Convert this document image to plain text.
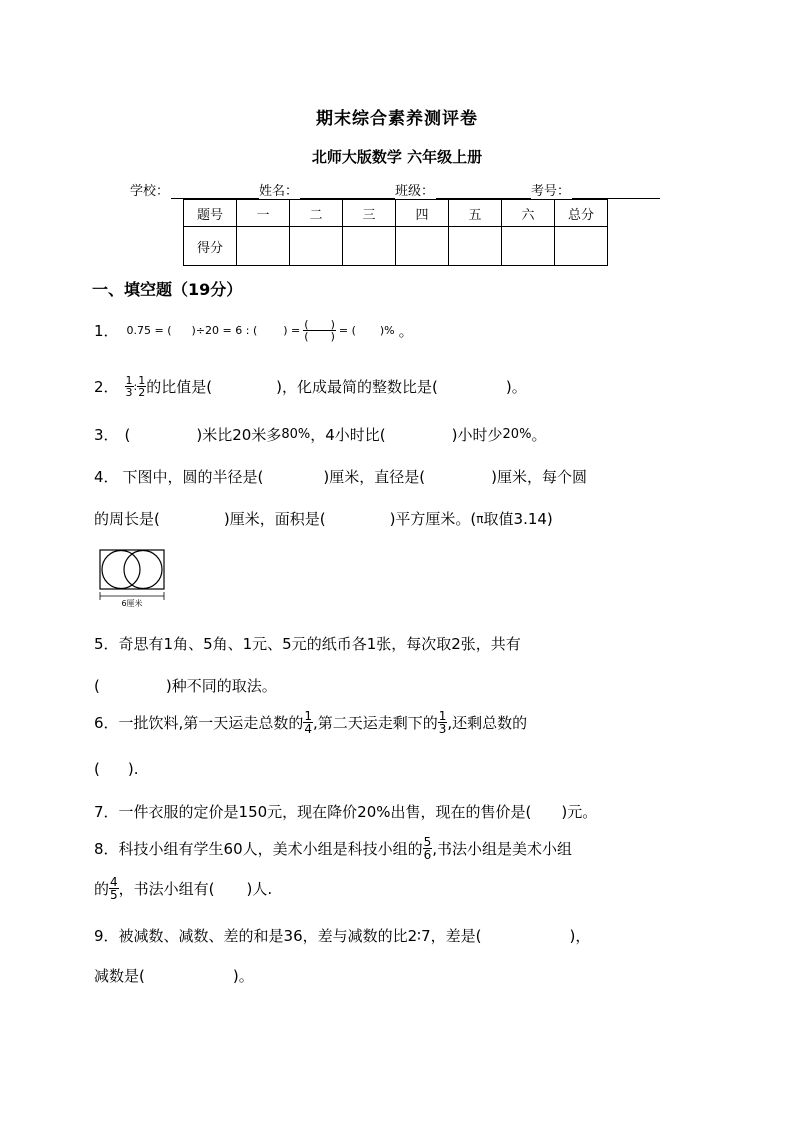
期末综合素养测评卷
北师大版数学 六年级上册
学校：	姓名：	班级：	考号：
题号	一	二	三	四	五	六	总分
得分							
一、填空题（19分）
1． 0.75 = ( )÷20 = 6 : ( ) = $\frac{( )}{( )}$ = ( )% 。
2． $\frac{1}{3}$ : $\frac{1}{2}$ 的比值是(	)，化成最简的整数比是(	)。
3． (	)米比20米多 80% ，4小时比(	)小时少 20% 。
4． 下图中，圆的半径是(	)厘米，直径是(	)厘米，每个圆
的周长是(	)厘米，面积是(	)平方厘米。( π 取值3.14)
6厘米
5．奇思有1角、5角、1元、5元的纸币各1张，每次取2张，共有
(	)种不同的取法。
6．一批饮料,第一天运走总数的 $\frac{1}{4}$ ,第二天运走剩下的 $\frac{1}{3}$ ,还剩总数的
( ).
7．一件衣服的定价是150元，现在降价20%出售，现在的售价是( )元。
8．科技小组有学生60人，美术小组是科技小组的 $\frac{5}{6}$ ,书法小组是美术小组
的 $\frac{4}{5}$ ，书法小组有( )人.
9．被减数、减数、差的和是36，差与减数的比2∶7，差是(	)，
减数是(	)。
